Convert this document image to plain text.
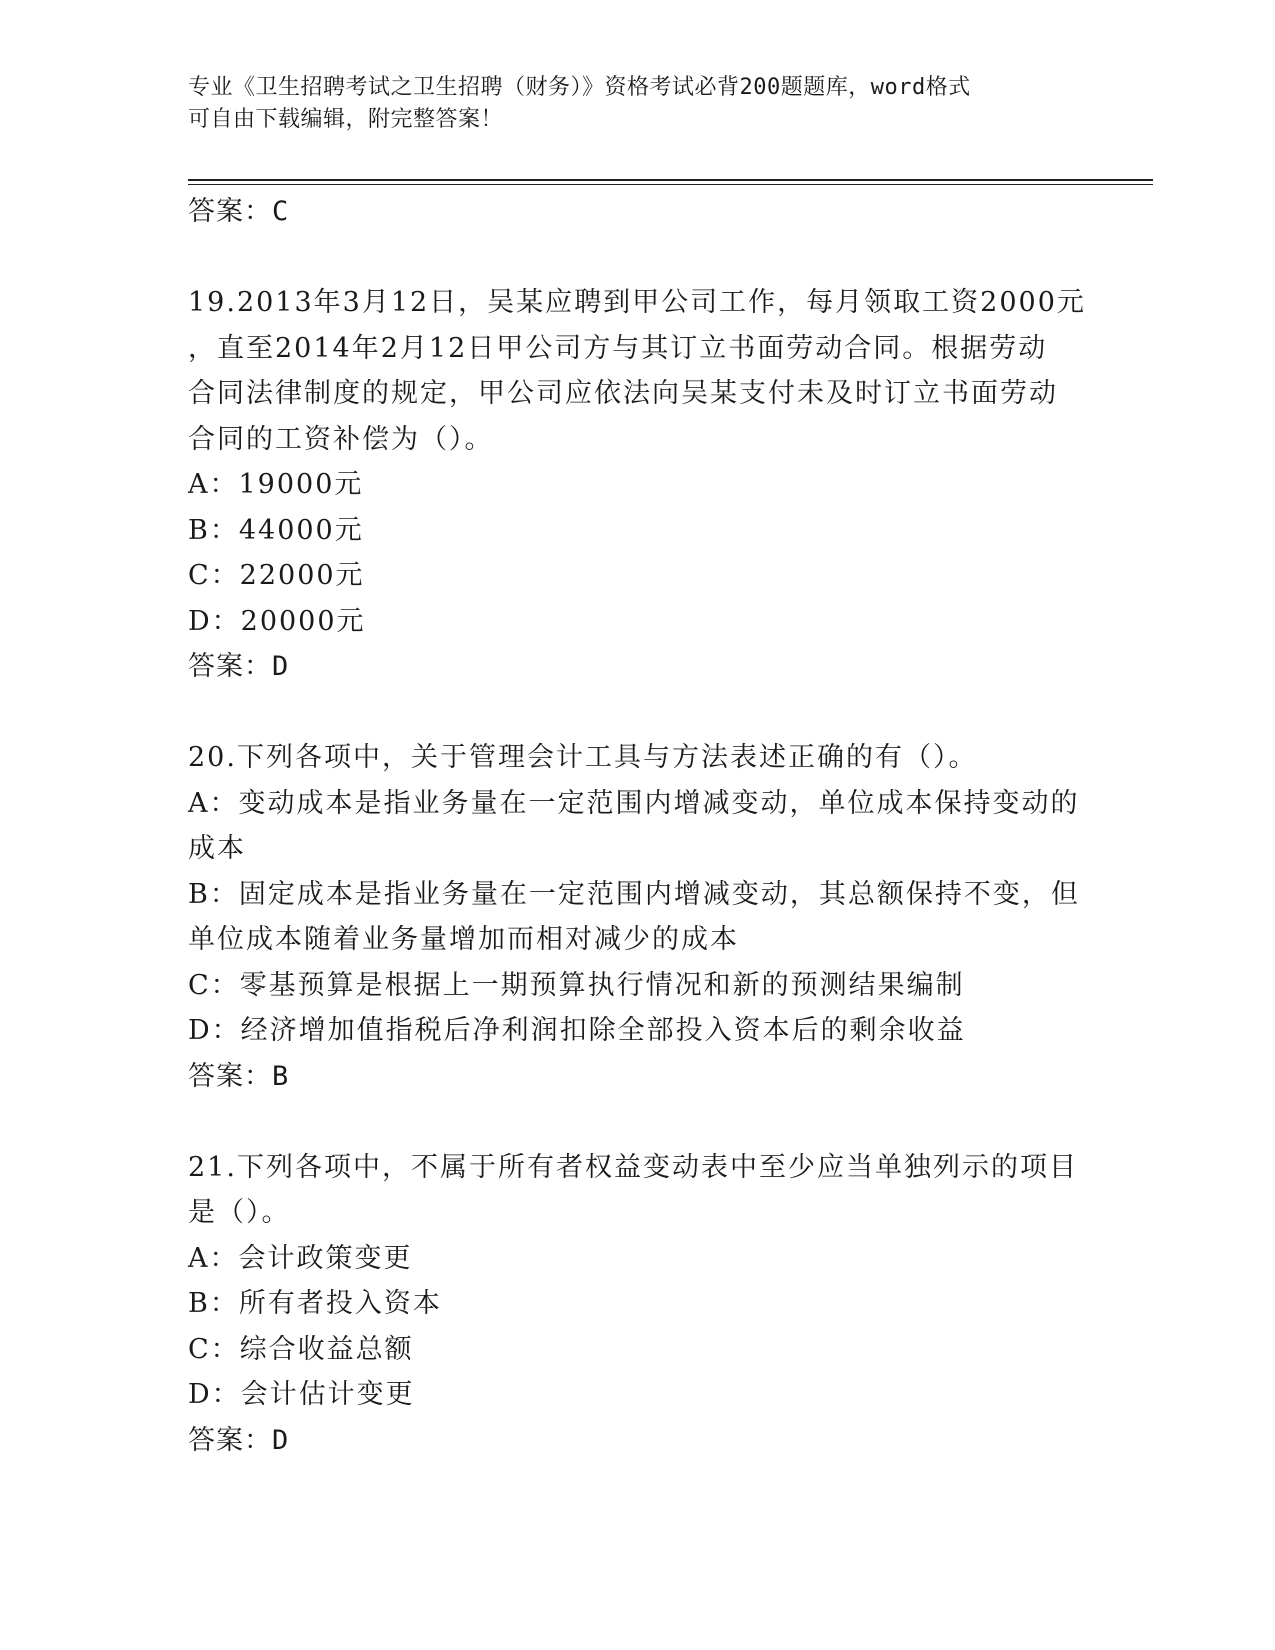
专业《卫生招聘考试之卫生招聘（财务）》资格考试必背200题题库，word格式
可自由下载编辑，附完整答案！
答案：C
19.2013年3月12日，吴某应聘到甲公司工作，每月领取工资2000元
，直至2014年2月12日甲公司方与其订立书面劳动合同。根据劳动
合同法律制度的规定，甲公司应依法向吴某支付未及时订立书面劳动
合同的工资补偿为（）。
A：19000元
B：44000元
C：22000元
D：20000元
答案：D
20.下列各项中，关于管理会计工具与方法表述正确的有（）。
A：变动成本是指业务量在一定范围内增减变动，单位成本保持变动的
成本
B：固定成本是指业务量在一定范围内增减变动，其总额保持不变，但
单位成本随着业务量增加而相对减少的成本
C：零基预算是根据上一期预算执行情况和新的预测结果编制
D：经济增加值指税后净利润扣除全部投入资本后的剩余收益
答案：B
21.下列各项中，不属于所有者权益变动表中至少应当单独列示的项目
是（）。
A：会计政策变更
B：所有者投入资本
C：综合收益总额
D：会计估计变更
答案：D
